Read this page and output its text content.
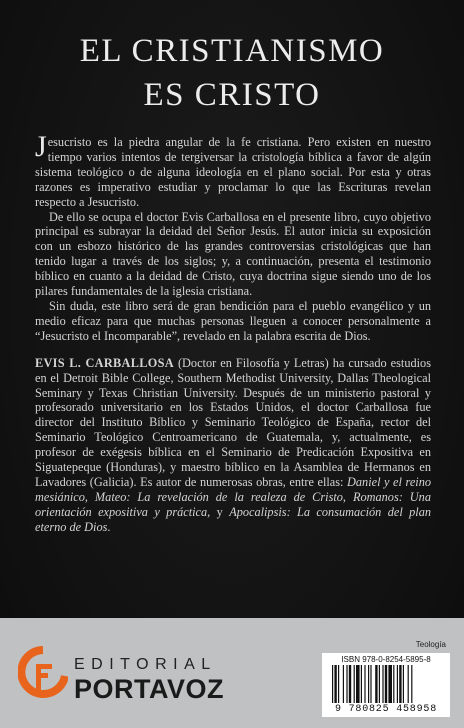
EL CRISTIANISMO
ES CRISTO

Jesucristo es la piedra angular de la fe cristiana. Pero existen en nuestro tiempo varios intentos de tergiversar la cristología bíblica a favor de algún sistema teológico o de alguna ideología en el plano social. Por esta y otras razones es imperativo estudiar y proclamar lo que las Escrituras revelan respecto a Jesucristo.

De ello se ocupa el doctor Evis Carballosa en el presente libro, cuyo objetivo principal es subrayar la deidad del Señor Jesús. El autor inicia su exposición con un esbozo histórico de las grandes controversias cristológicas que han tenido lugar a través de los siglos; y, a continuación, presenta el testimonio bíblico en cuanto a la deidad de Cristo, cuya doctrina sigue siendo uno de los pilares fundamentales de la iglesia cristiana.

Sin duda, este libro será de gran bendición para el pueblo evangélico y un medio eficaz para que muchas personas lleguen a conocer personalmente a “Jesucristo el Incomparable”, revelado en la palabra escrita de Dios.

EVIS L. CARBALLOSA (Doctor en Filosofía y Letras) ha cursado estudios en el Detroit Bible College, Southern Methodist University, Dallas Theological Seminary y Texas Christian University. Después de un ministerio pastoral y profesorado universitario en los Estados Unidos, el doctor Carballosa fue director del Instituto Bíblico y Seminario Teológico de España, rector del Seminario Teológico Centroamericano de Guatemala, y, actualmente, es profesor de exégesis bíblica en el Seminario de Predicación Expositiva en Siguatepeque (Honduras), y maestro bíblico en la Asamblea de Hermanos en Lavadores (Galicia). Es autor de numerosas obras, entre ellas: Daniel y el reino mesiánico, Mateo: La revelación de la realeza de Cristo, Romanos: Una orientación expositiva y práctica, y Apocalipsis: La consumación del plan eterno de Dios.

Teología
EDITORIAL
PORTAVOZ
ISBN 978-0-8254-5895-8
9 780825 458958
